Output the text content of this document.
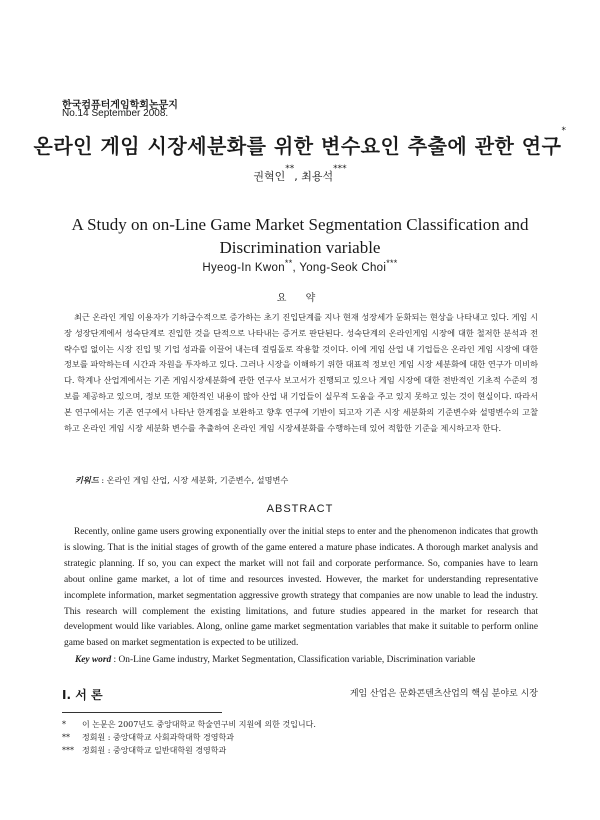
한국컴퓨터게임학회논문지
No.14 September 2008.
온라인 게임 시장세분화를 위한 변수요인 추출에 관한 연구*
권혁인**, 최용석***
A Study on on-Line Game Market Segmentation Classification and Discrimination variable
Hyeog-In Kwon**, Yong-Seok Choi***
요 약

최근 온라인 게임 이용자가 기하급수적으로 증가하는 초기 진입단계를 지나 현재 성장세가 둔화되는 현상을 나타내고 있다. 게임 시장 성장단계에서 성숙단계로 진입한 것을 단적으로 나타내는 증거로 판단된다. 성숙단계의 온라인게임 시장에 대한 철저한 분석과 전략수립 없이는 시장 진입 및 기업 성과를 이끌어 내는데 걸림돌로 작용할 것이다. 이에 게임 산업 내 기업들은 온라인 게임 시장에 대한 정보를 파악하는데 시간과 자원을 투자하고 있다. 그러나 시장을 이해하기 위한 대표적 정보인 게임 시장 세분화에 대한 연구가 미비하다. 학계나 산업계에서는 기존 게임시장세분화에 관한 연구사 보고서가 진행되고 있으나 게임 시장에 대한 전반적인 기초적 수준의 정보를 제공하고 있으며, 정보 또한 제한적인 내용이 많아 산업 내 기업들이 실무적 도움을 주고 있지 못하고 있는 것이 현실이다. 따라서 본 연구에서는 기존 연구에서 나타난 한계점을 보완하고 향후 연구에 기반이 되고자 기존 시장 세분화의 기준변수와 설명변수의 고찰하고 온라인 게임 시장 세분화 변수를 추출하여 온라인 게임 시장세분화를 수행하는데 있어 적합한 기준을 제시하고자 한다.

키워드 : 온라인 게임 산업, 시장 세분화, 기준변수, 설명변수
ABSTRACT

Recently, online game users growing exponentially over the initial steps to enter and the phenomenon indicates that growth is slowing. That is the initial stages of growth of the game entered a mature phase indicates. A thorough market analysis and strategic planning. If so, you can expect the market will not fail and corporate performance. So, companies have to learn about online game market, a lot of time and resources invested. However, the market for understanding representative incomplete information, market segmentation aggressive growth strategy that companies are now unable to lead the industry. This research will complement the existing limitations, and future studies appeared in the market for research that development would like variables. Along, online game market segmentation variables that make it suitable to perform online game based on market segmentation is expected to be utilized.

Key word : On-Line Game industry, Market Segmentation, Classification variable, Discrimination variable
Ⅰ. 서 론	게임 산업은 문화콘텐츠산업의 핵심 분야로 시장
* 이 논문은 2007년도 중앙대학교 학술연구비 지원에 의한 것입니다.
** 정회원 : 중앙대학교 사회과학대학 경영학과
*** 정회원 : 중앙대학교 일반대학원 경영학과
